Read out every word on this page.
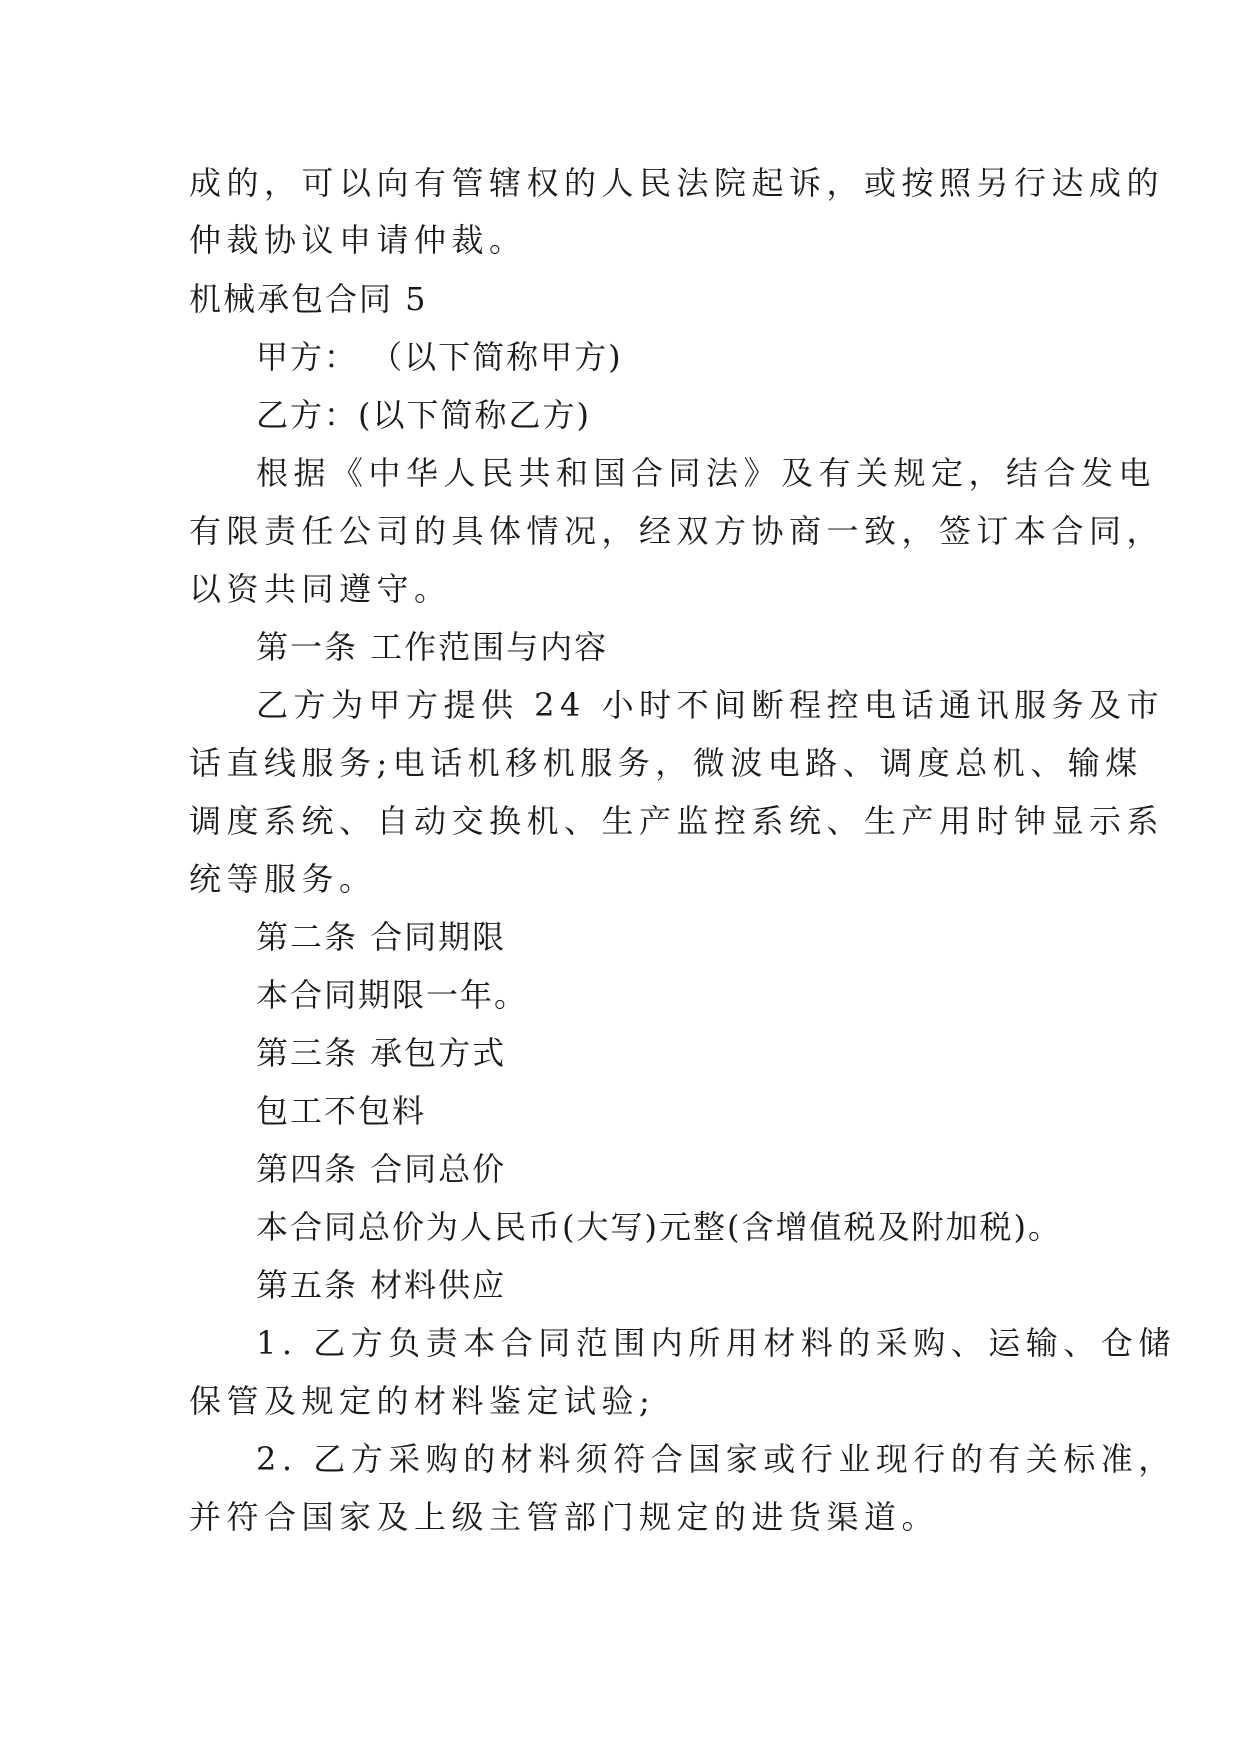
成的，可以向有管辖权的人民法院起诉，或按照另行达成的
仲裁协议申请仲裁。
机械承包合同 5
甲方： （以下简称甲方)
乙方：(以下简称乙方)
根据《中华人民共和国合同法》及有关规定，结合发电
有限责任公司的具体情况，经双方协商一致，签订本合同，
以资共同遵守。
第一条 工作范围与内容
乙方为甲方提供 24 小时不间断程控电话通讯服务及市
话直线服务;电话机移机服务，微波电路、调度总机、输煤
调度系统、自动交换机、生产监控系统、生产用时钟显示系
统等服务。
第二条 合同期限
本合同期限一年。
第三条 承包方式
包工不包料
第四条 合同总价
本合同总价为人民币(大写)元整(含增值税及附加税)。
第五条 材料供应
1. 乙方负责本合同范围内所用材料的采购、运输、仓储
保管及规定的材料鉴定试验;
2. 乙方采购的材料须符合国家或行业现行的有关标准，
并符合国家及上级主管部门规定的进货渠道。
